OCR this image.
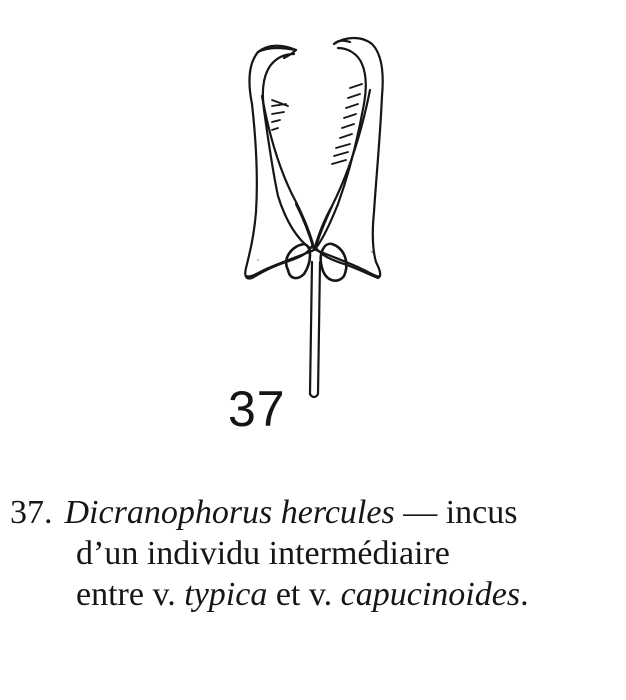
37
37. Dicranophorus hercules — incus
d’un individu intermédiaire
entre v. typica et v. capucinoides.
